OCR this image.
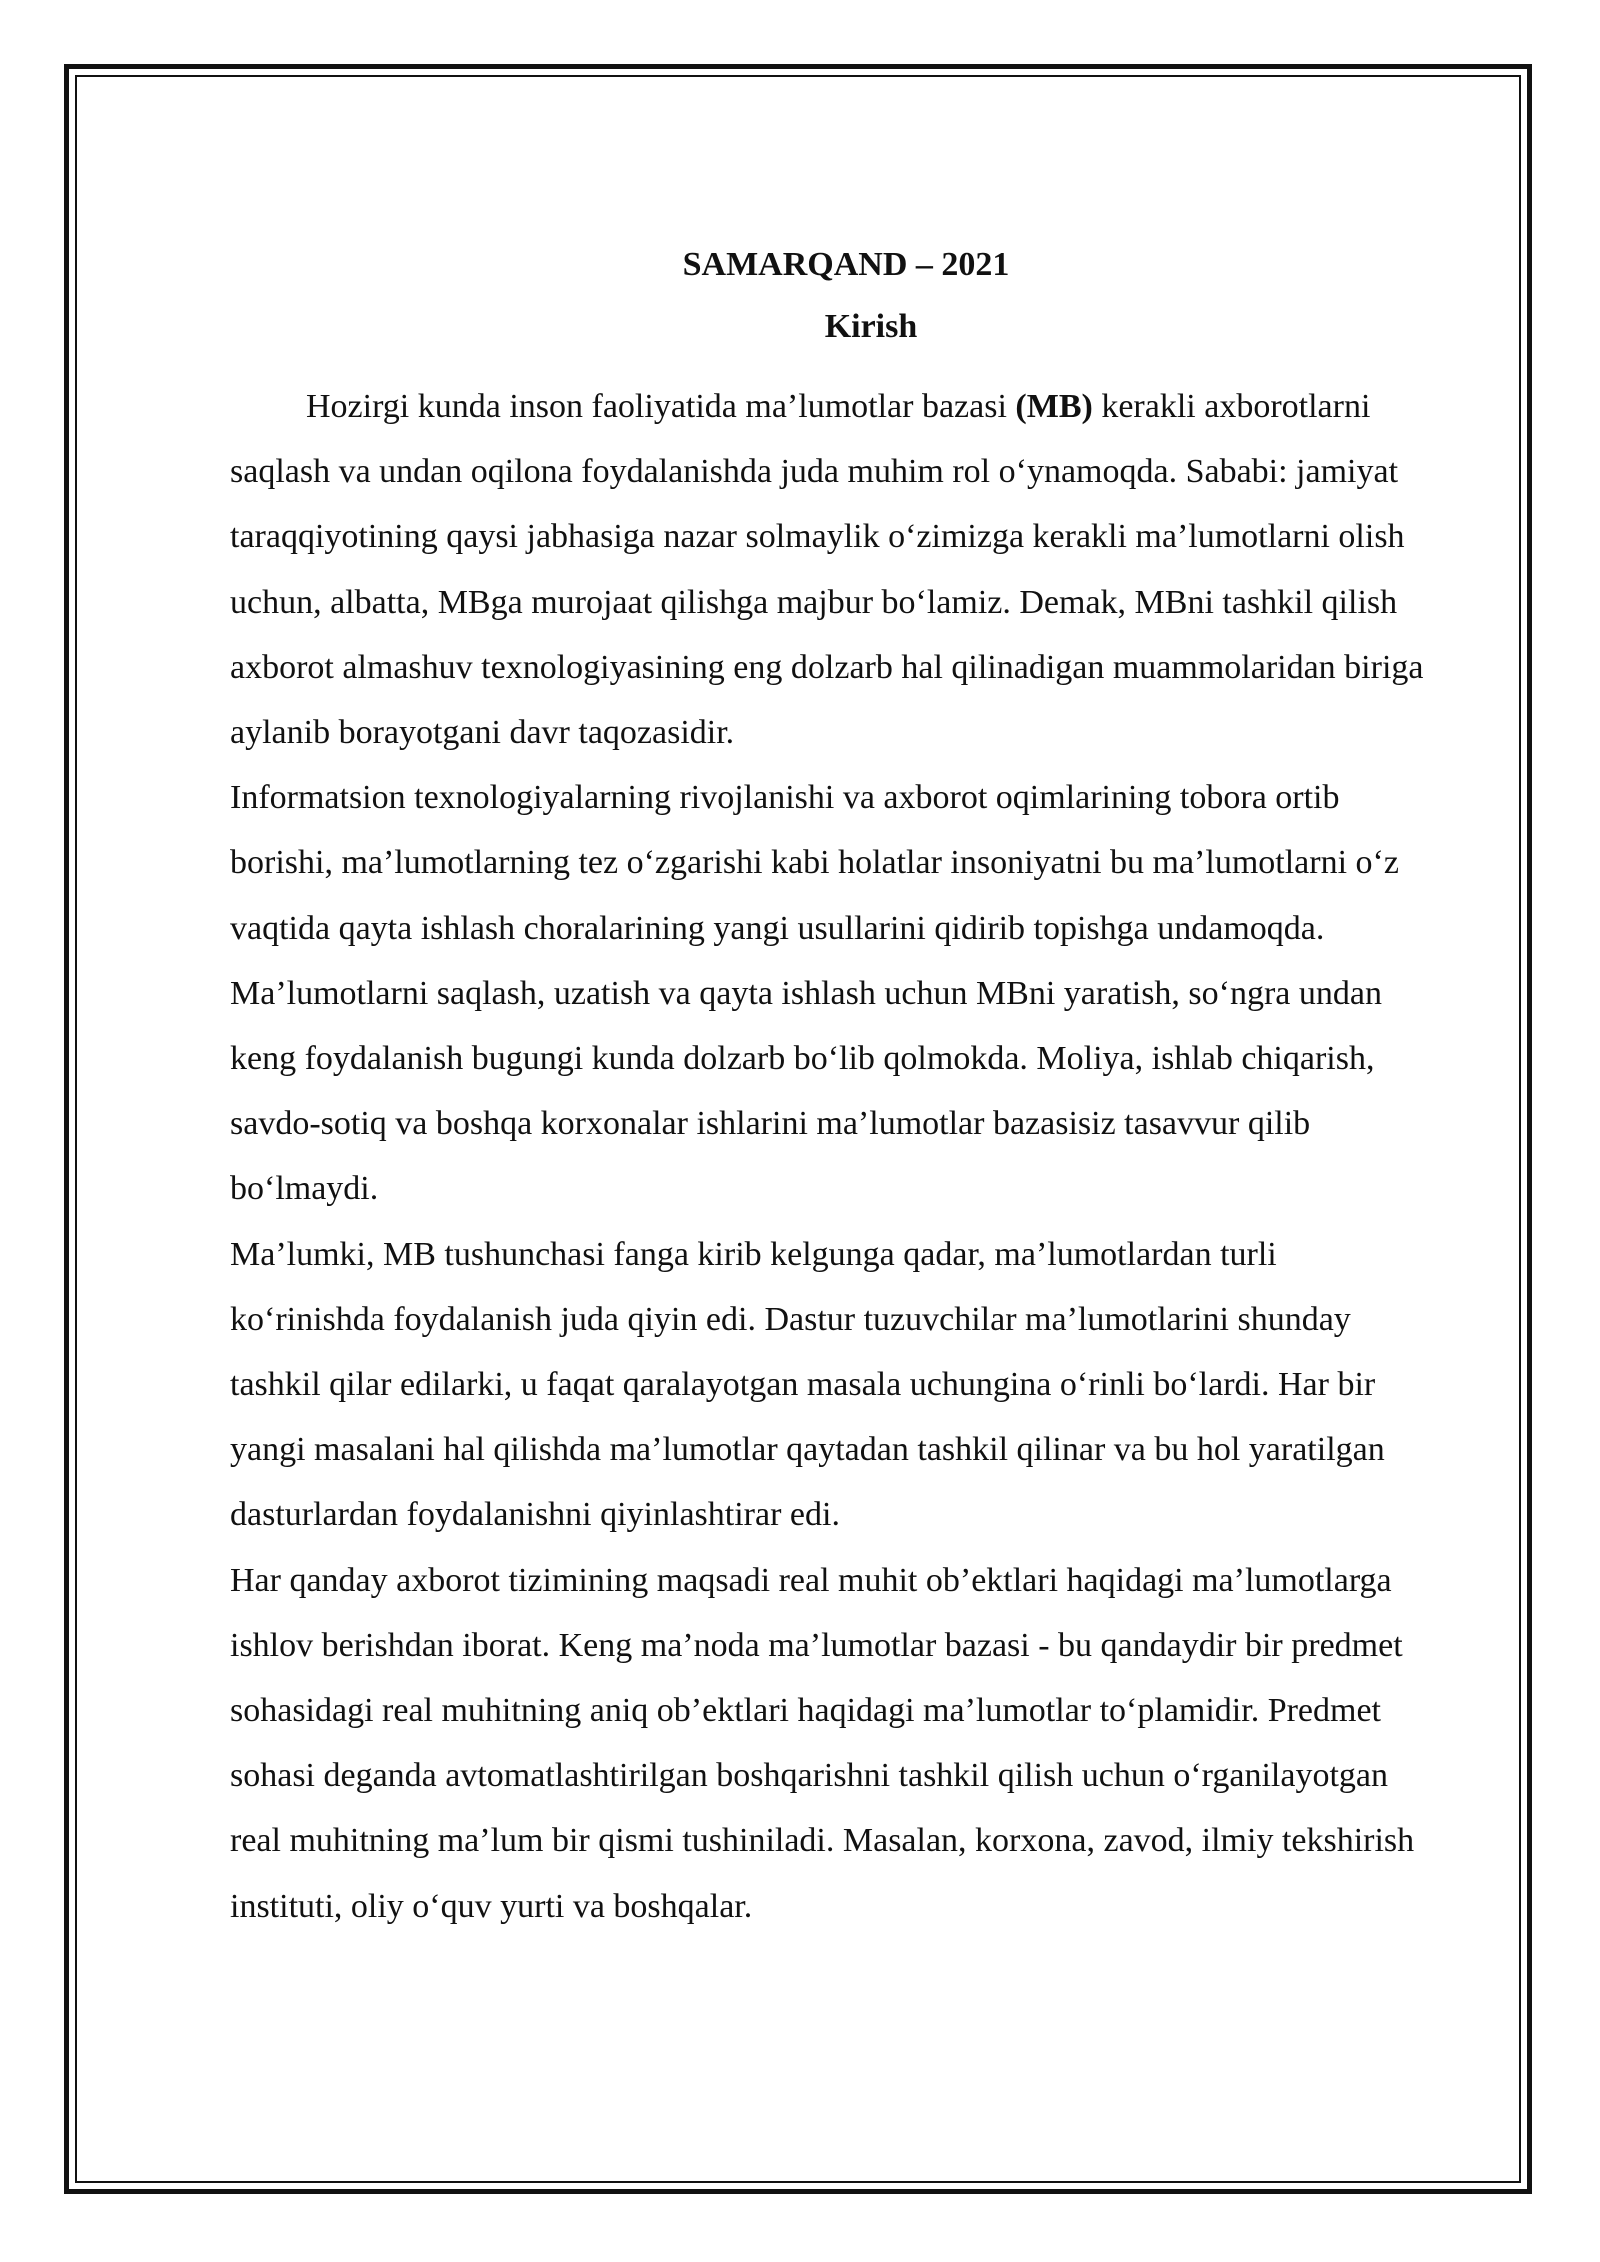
SAMARQAND – 2021
Kirish

Hozirgi kunda inson faoliyatida ma’lumotlar bazasi (MB) kerakli axborotlarni saqlash va undan oqilona foydalanishda juda muhim rol o‘ynamoqda. Sababi: jamiyat taraqqiyotining qaysi jabhasiga nazar solmaylik o‘zimizga kerakli ma’lumotlarni olish uchun, albatta, MBga murojaat qilishga majbur bo‘lamiz. Demak, MBni tashkil qilish axborot almashuv texnologiyasining eng dolzarb hal qilinadigan muammolaridan biriga aylanib borayotgani davr taqozasidir.

Informatsion texnologiyalarning rivojlanishi va axborot oqimlarining tobora ortib borishi, ma’lumotlarning tez o‘zgarishi kabi holatlar insoniyatni bu ma’lumotlarni o‘z vaqtida qayta ishlash choralarining yangi usullarini qidirib topishga undamoqda. Ma’lumotlarni saqlash, uzatish va qayta ishlash uchun MBni yaratish, so‘ngra undan keng foydalanish bugungi kunda dolzarb bo‘lib qolmokda. Moliya, ishlab chiqarish, savdo-sotiq va boshqa korxonalar ishlarini ma’lumotlar bazasisiz tasavvur qilib bo‘lmaydi.

Ma’lumki, MB tushunchasi fanga kirib kelgunga qadar, ma’lumotlardan turli ko‘rinishda foydalanish juda qiyin edi. Dastur tuzuvchilar ma’lumotlarini shunday tashkil qilar edilarki, u faqat qaralayotgan masala uchungina o‘rinli bo‘lardi. Har bir yangi masalani hal qilishda ma’lumotlar qaytadan tashkil qilinar va bu hol yaratilgan dasturlardan foydalanishni qiyinlashtirar edi.

Har qanday axborot tizimining maqsadi real muhit ob’ektlari haqidagi ma’lumotlarga ishlov berishdan iborat. Keng ma’noda ma’lumotlar bazasi - bu qandaydir bir predmet sohasidagi real muhitning aniq ob’ektlari haqidagi ma’lumotlar to‘plamidir. Predmet sohasi deganda avtomatlashtirilgan boshqarishni tashkil qilish uchun o‘rganilayotgan real muhitning ma’lum bir qismi tushiniladi. Masalan, korxona, zavod, ilmiy tekshirish instituti, oliy o‘quv yurti va boshqalar.
